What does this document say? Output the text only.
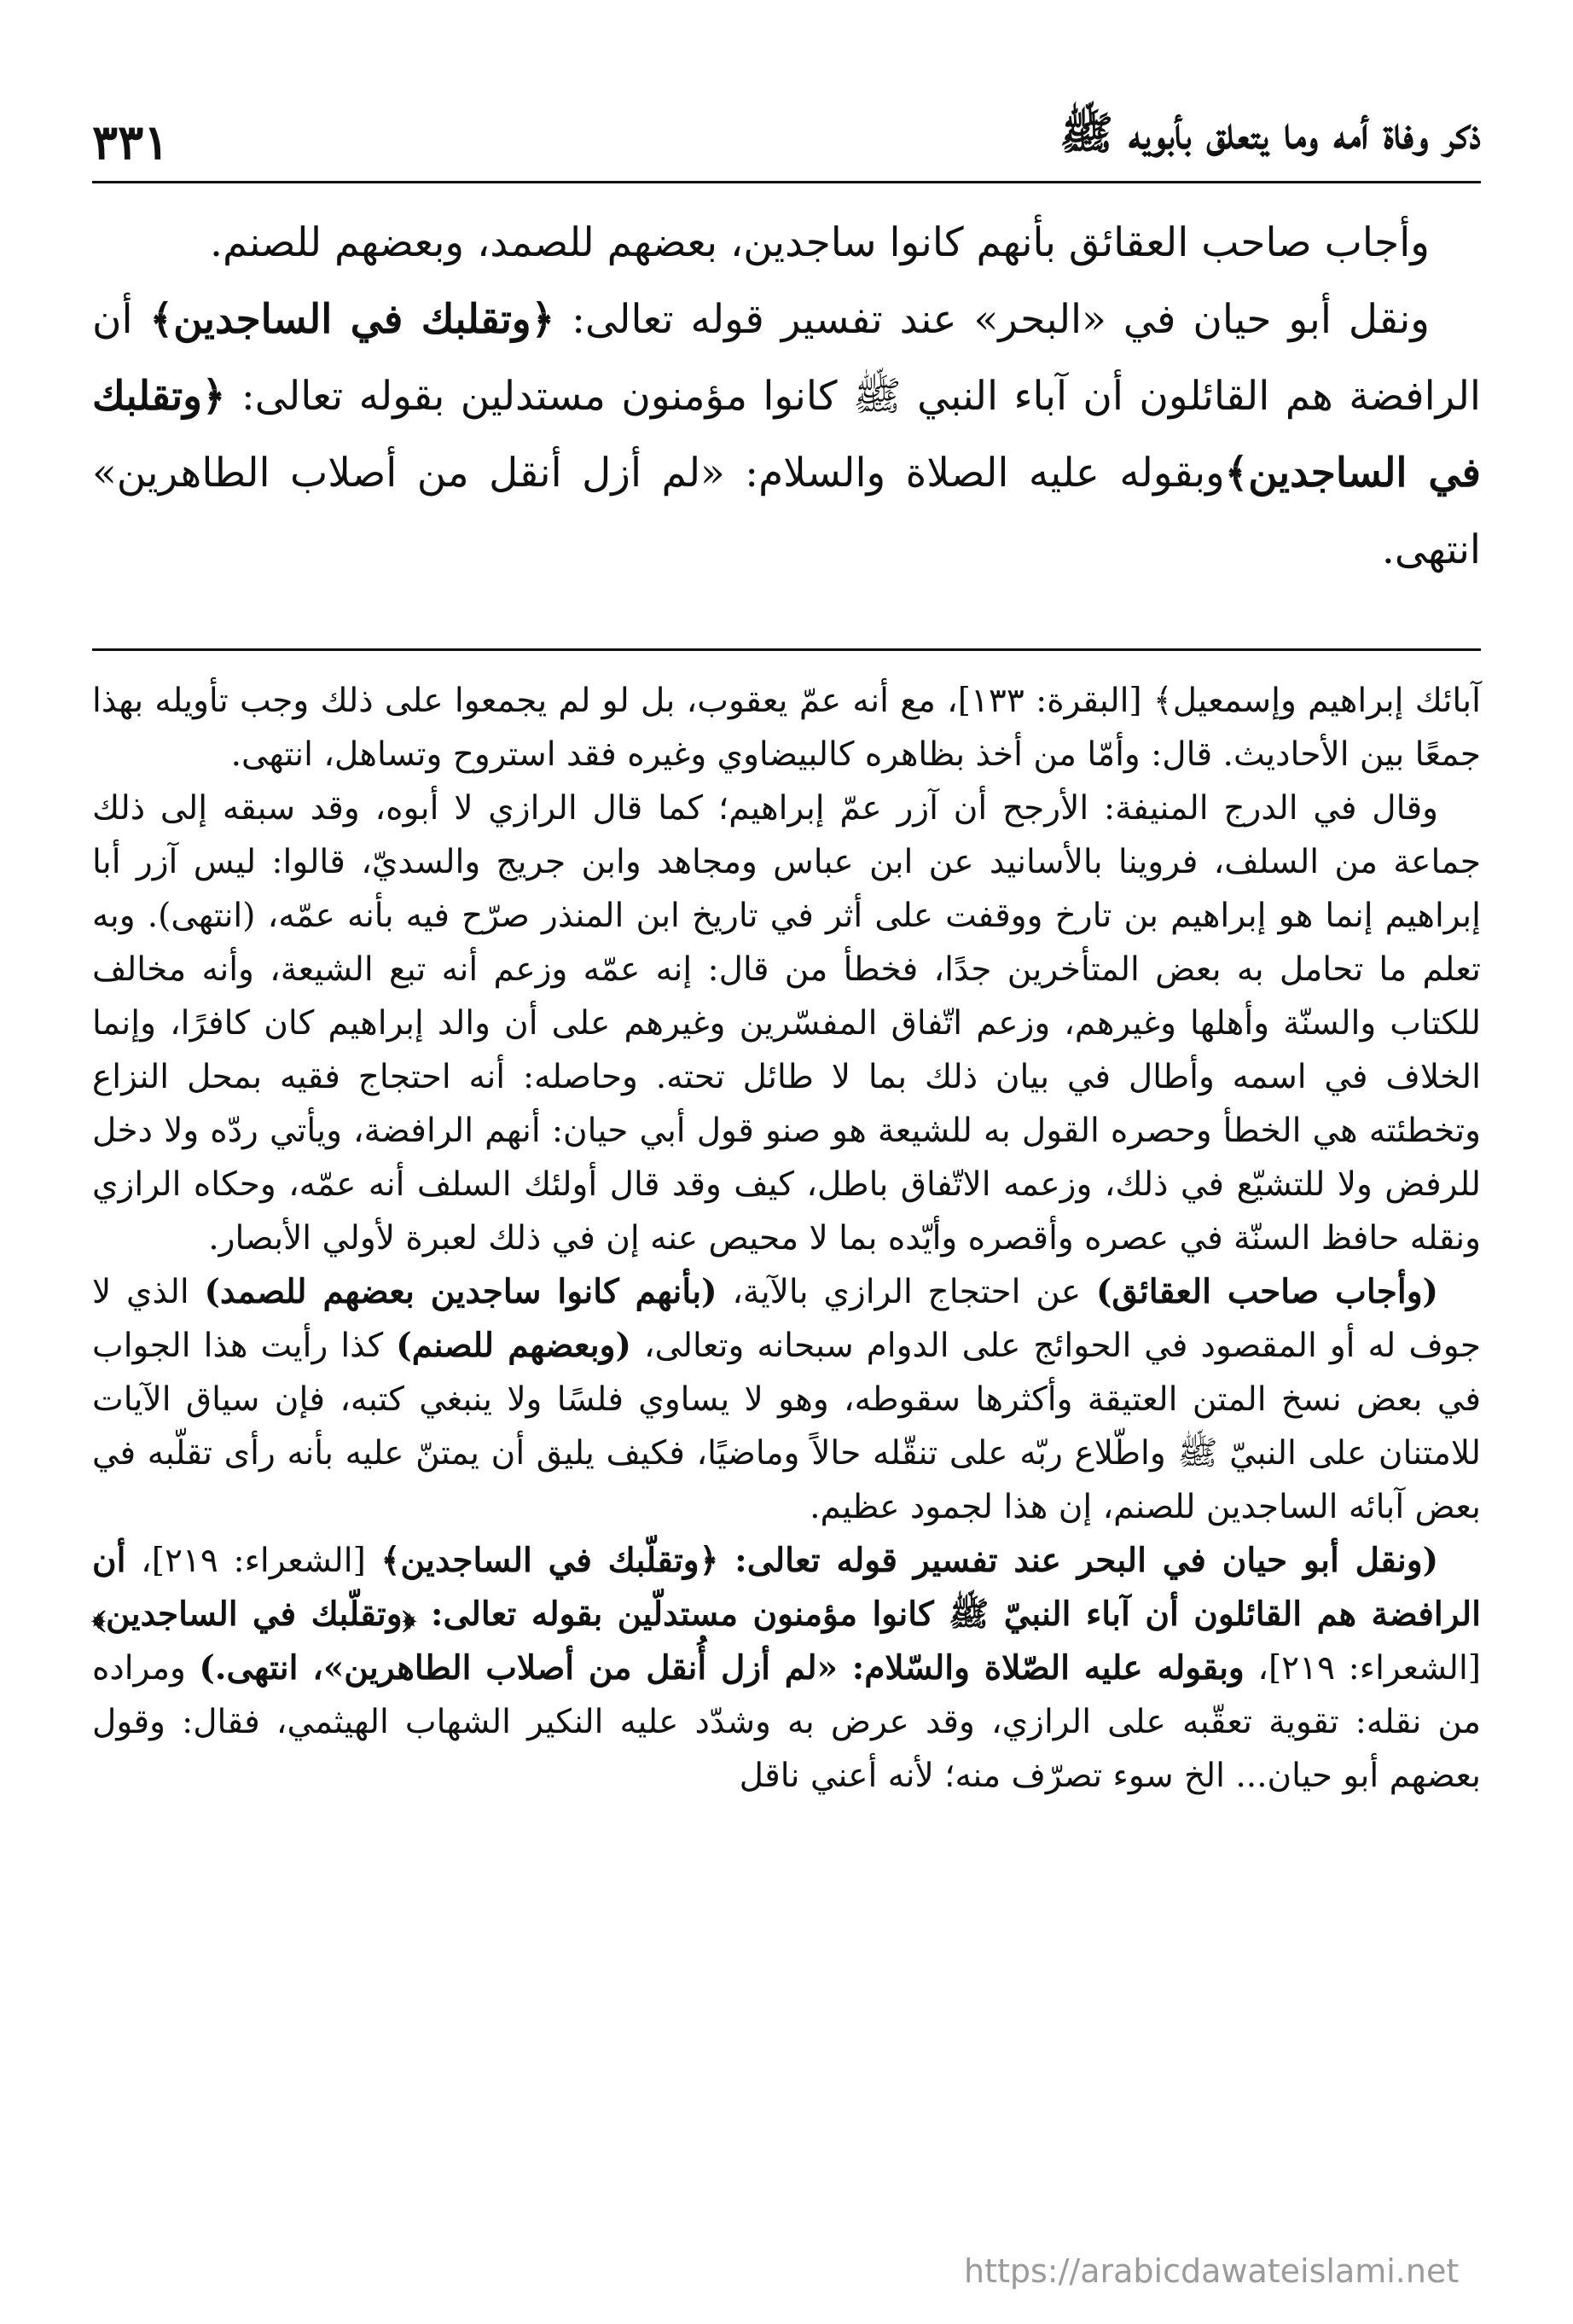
ذكر وفاة أمه وما يتعلق بأبويه ﷺ
٣٣١

وأجاب صاحب العقائق بأنهم كانوا ساجدين، بعضهم للصمد، وبعضهم للصنم.

ونقل أبو حيان في «البحر» عند تفسير قوله تعالى: ﴿وتقلبك في الساجدين﴾ أن الرافضة هم القائلون أن آباء النبي ﷺ كانوا مؤمنون مستدلين بقوله تعالى: ﴿وتقلبك في الساجدين﴾وبقوله عليه الصلاة والسلام: «لم أزل أنقل من أصلاب الطاهرين» انتهى.

آبائك إبراهيم وإسمعيل﴾ [البقرة: ١٣٣]، مع أنه عمّ يعقوب، بل لو لم يجمعوا على ذلك وجب تأويله بهذا جمعًا بين الأحاديث. قال: وأمّا من أخذ بظاهره كالبيضاوي وغيره فقد استروح وتساهل، انتهى.

وقال في الدرج المنيفة: الأرجح أن آزر عمّ إبراهيم؛ كما قال الرازي لا أبوه، وقد سبقه إلى ذلك جماعة من السلف، فروينا بالأسانيد عن ابن عباس ومجاهد وابن جريج والسديّ، قالوا: ليس آزر أبا إبراهيم إنما هو إبراهيم بن تارخ ووقفت على أثر في تاريخ ابن المنذر صرّح فيه بأنه عمّه، (انتهى). وبه تعلم ما تحامل به بعض المتأخرين جدًا، فخطأ من قال: إنه عمّه وزعم أنه تبع الشيعة، وأنه مخالف للكتاب والسنّة وأهلها وغيرهم، وزعم اتّفاق المفسّرين وغيرهم على أن والد إبراهيم كان كافرًا، وإنما الخلاف في اسمه وأطال في بيان ذلك بما لا طائل تحته. وحاصله: أنه احتجاج فقيه بمحل النزاع وتخطئته هي الخطأ وحصره القول به للشيعة هو صنو قول أبي حيان: أنهم الرافضة، ويأتي ردّه ولا دخل للرفض ولا للتشيّع في ذلك، وزعمه الاتّفاق باطل، كيف وقد قال أولئك السلف أنه عمّه، وحكاه الرازي ونقله حافظ السنّة في عصره وأقصره وأيّده بما لا محيص عنه إن في ذلك لعبرة لأولي الأبصار.

(وأجاب صاحب العقائق) عن احتجاج الرازي بالآية، (بأنهم كانوا ساجدين بعضهم للصمد) الذي لا جوف له أو المقصود في الحوائج على الدوام سبحانه وتعالى، (وبعضهم للصنم) كذا رأيت هذا الجواب في بعض نسخ المتن العتيقة وأكثرها سقوطه، وهو لا يساوي فلسًا ولا ينبغي كتبه، فإن سياق الآيات للامتنان على النبيّ ﷺ واطّلاع ربّه على تنقّله حالاً وماضيًا، فكيف يليق أن يمتنّ عليه بأنه رأى تقلّبه في بعض آبائه الساجدين للصنم، إن هذا لجمود عظيم.

(ونقل أبو حيان في البحر عند تفسير قوله تعالى: ﴿وتقلّبك في الساجدين﴾ [الشعراء: ٢١٩]، أن الرافضة هم القائلون أن آباء النبيّ ﷺ كانوا مؤمنون مستدلّين بقوله تعالى: ﴿وتقلّبك في الساجدين﴾ [الشعراء: ٢١٩]، وبقوله عليه الصّلاة والسّلام: «لم أزل أُنقل من أصلاب الطاهرين»، انتهى.) ومراده من نقله: تقوية تعقّبه على الرازي، وقد عرض به وشدّد عليه النكير الشهاب الهيثمي، فقال: وقول بعضهم أبو حيان... الخ سوء تصرّف منه؛ لأنه أعني ناقل

https://arabicdawateislami.net
